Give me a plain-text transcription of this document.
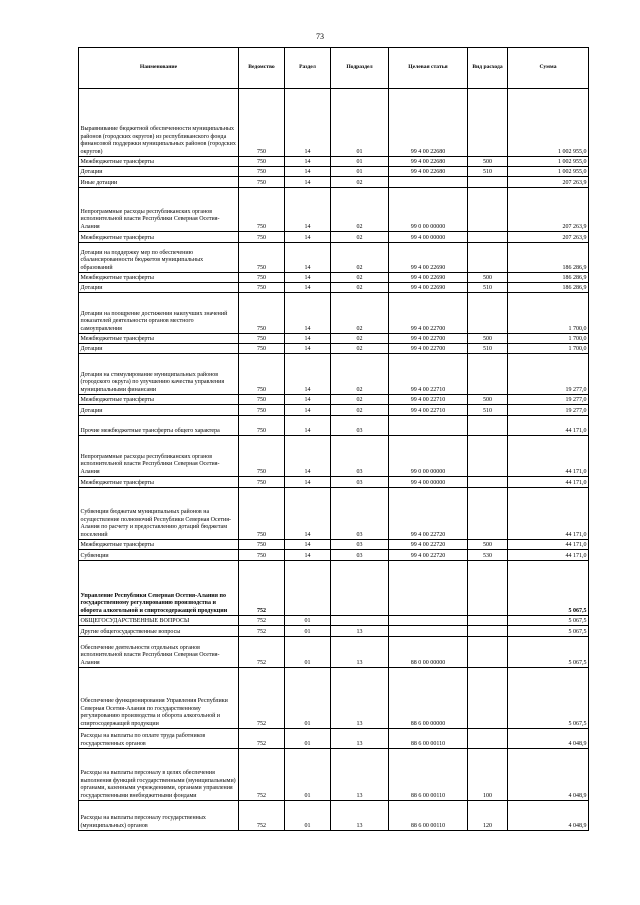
73
Наименование	Ведомство	Раздел	Подраздел	Целевая статья	Вид расхода	Сумма
Выравнивание бюджетной обеспеченности муниципальных районов (городских округов) из республиканского фонда финансовой поддержки муниципальных районов (городских округов)	750	14	01	99 4 00 22680		1 002 955,0
Межбюджетные трансферты	750	14	01	99 4 00 22680	500	1 002 955,0
Дотации	750	14	01	99 4 00 22680	510	1 002 955,0
Иные дотации	750	14	02			207 263,9
Непрограммные расходы республиканских органов исполнительной власти Республики Северная Осетия-Алания	750	14	02	99 0 00 00000		207 263,9
Межбюджетные трансферты	750	14	02	99 4 00 00000		207 263,9
Дотации на поддержку мер по обеспечению сбалансированности бюджетов муниципальных образований	750	14	02	99 4 00 22690		186 286,9
Межбюджетные трансферты	750	14	02	99 4 00 22690	500	186 286,9
Дотации	750	14	02	99 4 00 22690	510	186 286,9
Дотации на поощрение достижения наилучших значений показателей деятельности органов местного самоуправления	750	14	02	99 4 00 22700		1 700,0
Межбюджетные трансферты	750	14	02	99 4 00 22700	500	1 700,0
Дотации	750	14	02	99 4 00 22700	510	1 700,0
Дотация на стимулирование муниципальных районов (городского округа) по улучшению качества управления муниципальными финансами	750	14	02	99 4 00 22710		19 277,0
Межбюджетные трансферты	750	14	02	99 4 00 22710	500	19 277,0
Дотации	750	14	02	99 4 00 22710	510	19 277,0
Прочие межбюджетные трансферты общего характера	750	14	03			44 171,0
Непрограммные расходы республиканских органов исполнительной власти Республики Северная Осетия-Алания	750	14	03	99 0 00 00000		44 171,0
Межбюджетные трансферты	750	14	03	99 4 00 00000		44 171,0
Субвенции бюджетам муниципальных районов на осуществление полномочий Республики Северная Осетия-Алания по расчету и предоставлению дотаций бюджетам поселений	750	14	03	99 4 00 22720		44 171,0
Межбюджетные трансферты	750	14	03	99 4 00 22720	500	44 171,0
Субвенции	750	14	03	99 4 00 22720	530	44 171,0
Управление Республики Северная Осетия-Алания по государственному регулированию производства и оборота алкогольной и спиртосодержащей продукции	752					5 067,5
ОБЩЕГОСУДАРСТВЕННЫЕ ВОПРОСЫ	752	01				5 067,5
Другие общегосударственные вопросы	752	01	13			5 067,5
Обеспечение деятельности отдельных органов исполнительной власти Республики Северная Осетия-Алания	752	01	13	88 0 00 00000		5 067,5
Обеспечение функционирования Управления Республики Северная Осетия-Алания по государственному регулированию производства и оборота алкогольной и спиртосодержащей продукции	752	01	13	88 6 00 00000		5 067,5
Расходы на выплаты по оплате труда работников государственных органов	752	01	13	88 6 00 00110		4 048,9
Расходы на выплаты персоналу в целях обеспечения выполнения функций государственными (муниципальными) органами, казенными учреждениями, органами управления государственными внебюджетными фондами	752	01	13	88 6 00 00110	100	4 048,9
Расходы на выплаты персоналу государственных (муниципальных) органов	752	01	13	88 6 00 00110	120	4 048,9
